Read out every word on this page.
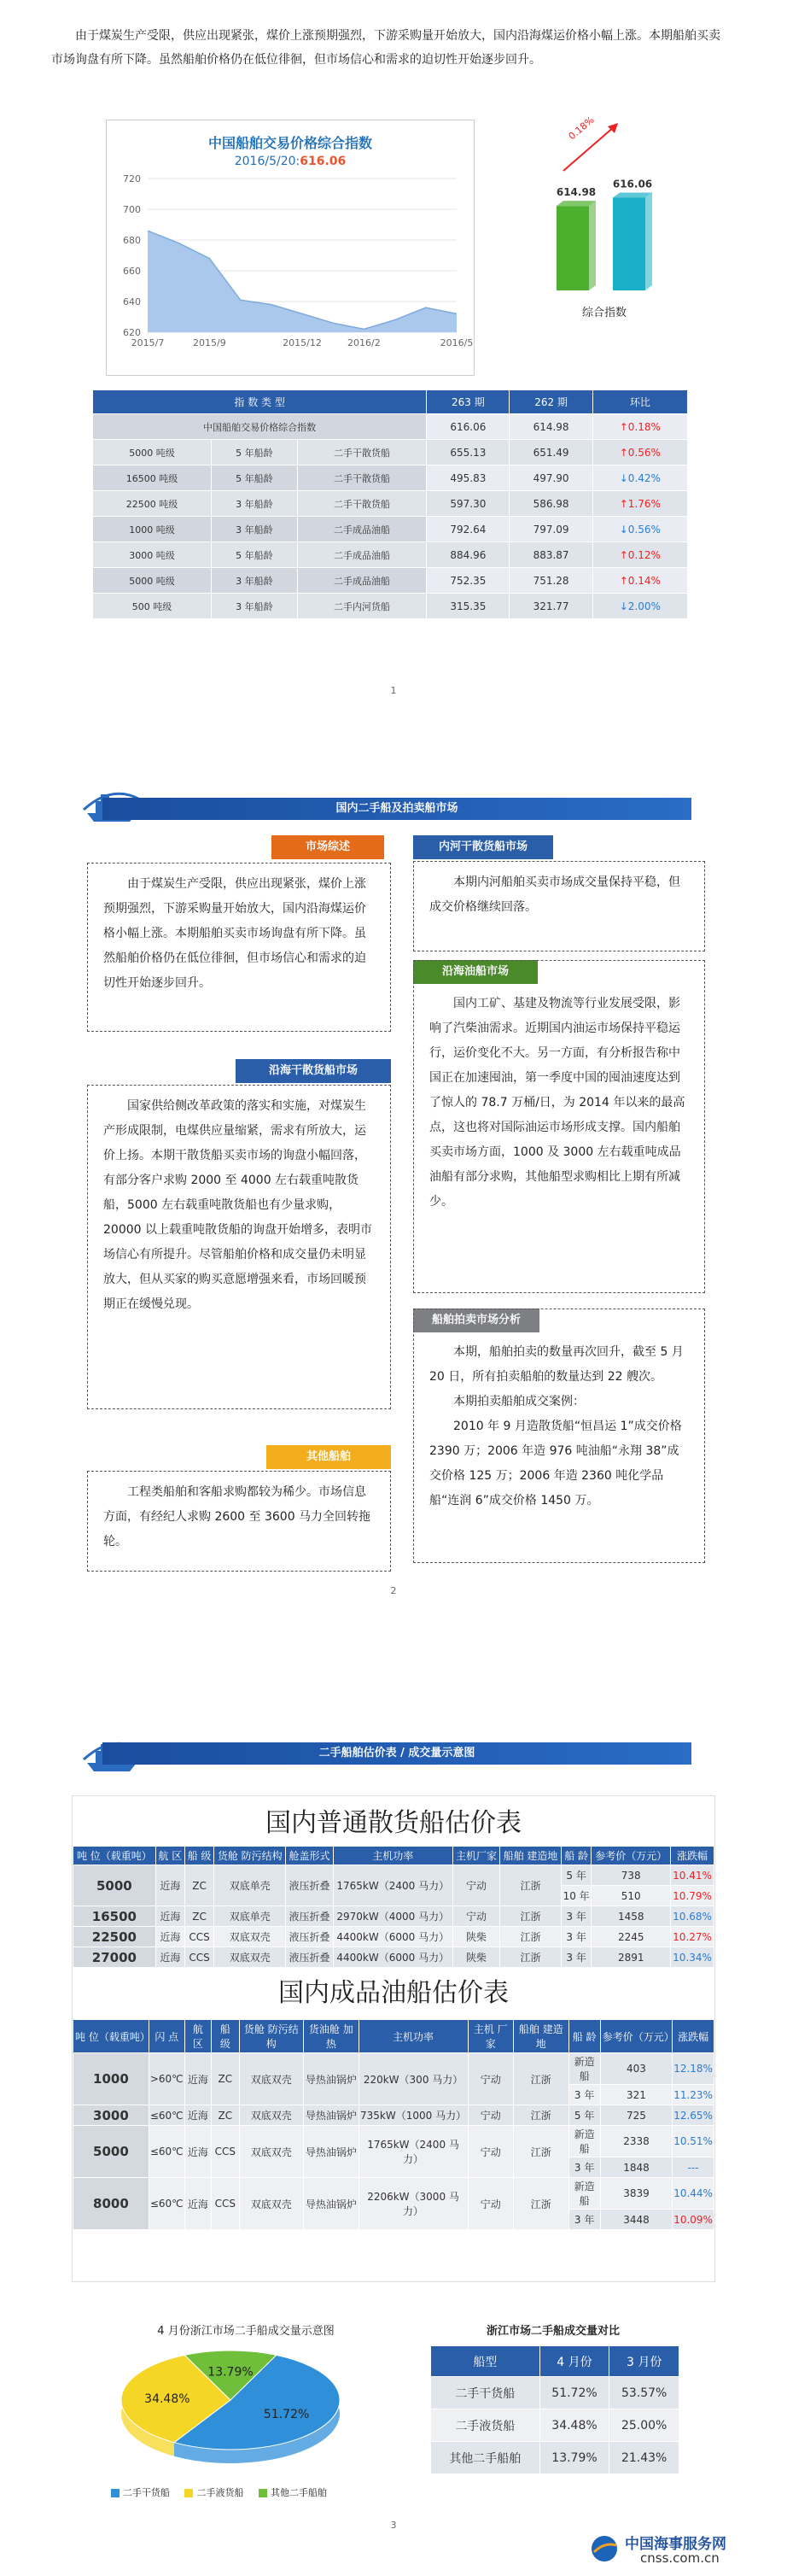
由于煤炭生产受限，供应出现紧张，煤价上涨预期强烈，下游采购量开始放大，国内沿海煤运价格小幅上涨。本期船舶买卖市场询盘有所下降。虽然船舶价格仍在低位徘徊，但市场信心和需求的迫切性开始逐步回升。

中国船舶交易价格综合指数
2016/5/20:616.06
720
700
680
660
640
620
2015/7	2015/9	2015/12	2016/2	2016/5
614.98
616.06
0.18%
综合指数
指 数 类 型			263 期	262 期	环比
中国船舶交易价格综合指数			616.06	614.98	↑0.18%
5000 吨级	5 年船龄	二手干散货船	655.13	651.49	↑0.56%
16500 吨级	5 年船龄	二手干散货船	495.83	497.90	↓0.42%
22500 吨级	3 年船龄	二手干散货船	597.30	586.98	↑1.76%
1000 吨级	3 年船龄	二手成品油船	792.64	797.09	↓0.56%
3000 吨级	5 年船龄	二手成品油船	884.96	883.87	↑0.12%
5000 吨级	3 年船龄	二手成品油船	752.35	751.28	↑0.14%
500 吨级	3 年船龄	二手内河货船	315.35	321.77	↓2.00%
1
国内二手船及拍卖船市场
市场综述

由于煤炭生产受限，供应出现紧张，煤价上涨预期强烈，下游采购量开始放大，国内沿海煤运价格小幅上涨。本期船舶买卖市场询盘有所下降。虽然船舶价格仍在低位徘徊，但市场信心和需求的迫切性开始逐步回升。

沿海干散货船市场

国家供给侧改革政策的落实和实施，对煤炭生产形成限制，电煤供应量缩紧，需求有所放大，运价上扬。本期干散货船买卖市场的询盘小幅回落，有部分客户求购 2000 至 4000 左右载重吨散货船，5000 左右载重吨散货船也有少量求购，20000 以上载重吨散货船的询盘开始增多，表明市场信心有所提升。尽管船舶价格和成交量仍未明显放大，但从买家的购买意愿增强来看，市场回暖预期正在缓慢兑现。

其他船舶

工程类船舶和客船求购都较为稀少。市场信息方面，有经纪人求购 2600 至 3600 马力全回转拖轮。

内河干散货船市场

本期内河船舶买卖市场成交量保持平稳，但成交价格继续回落。

沿海油船市场

国内工矿、基建及物流等行业发展受限，影响了汽柴油需求。近期国内油运市场保持平稳运行，运价变化不大。另一方面，有分析报告称中国正在加速囤油，第一季度中国的囤油速度达到了惊人的 78.7 万桶/日，为 2014 年以来的最高点，这也将对国际油运市场形成支撑。国内船舶买卖市场方面，1000 及 3000 左右载重吨成品油船有部分求购，其他船型求购相比上期有所减少。

船舶拍卖市场分析

本期，船舶拍卖的数量再次回升，截至 5 月 20 日，所有拍卖船舶的数量达到 22 艘次。

本期拍卖船舶成交案例：

2010 年 9 月造散货船“恒昌运 1”成交价格 2390 万；2006 年造 976 吨油船“永翔 38”成交价格 125 万；2006 年造 2360 吨化学品船“连润 6”成交价格 1450 万。

2
二手船舶估价表 / 成交量示意图
国内普通散货船估价表
吨 位（载重吨）	航 区	船 级	货舱 防污结构	舱盖形式	主机功率	主机厂家	船舶 建造地	船 龄	参考价（万元）	涨跌幅
5000	近海	ZC	双底单壳	液压折叠	1765kW（2400 马力）	宁动	江浙	5 年	738	10.41%
								10 年	510	10.79%
16500	近海	ZC	双底单壳	液压折叠	2970kW（4000 马力）	宁动	江浙	3 年	1458	10.68%
22500	近海	CCS	双底双壳	液压折叠	4400kW（6000 马力）	陕柴	江浙	3 年	2245	10.27%
27000	近海	CCS	双底双壳	液压折叠	4400kW（6000 马力）	陕柴	江浙	3 年	2891	10.34%
国内成品油船估价表
吨 位（载重吨）	闪 点	航 区	船 级	货舱 防污结构	货油舱 加热	主机功率	主机 厂家	船舶 建造地	船 龄	参考价（万元）	涨跌幅
1000	>60℃	近海	ZC	双底双壳	导热油锅炉	220kW（300 马力）	宁动	江浙	新造船	403	12.18%
									3 年	321	11.23%
3000	≤60℃	近海	ZC	双底双壳	导热油锅炉	735kW（1000 马力）	宁动	江浙	5 年	725	12.65%
5000	≤60℃	近海	CCS	双底双壳	导热油锅炉	1765kW（2400 马力）	宁动	江浙	新造船	2338	10.51%
									3 年	1848	---
8000	≤60℃	近海	CCS	双底双壳	导热油锅炉	2206kW（3000 马力）	宁动	江浙	新造船	3839	10.44%
									3 年	3448	10.09%
4 月份浙江市场二手船成交量示意图
51.72%
34.48%
13.79%
二手干货船	二手液货船	其他二手船舶
浙江市场二手船成交量对比
船型	4 月份	3 月份
二手干货船	51.72%	53.57%
二手液货船	34.48%	25.00%
其他二手船舶	13.79%	21.43%
3
中国海事服务网
cnss.com.cn
